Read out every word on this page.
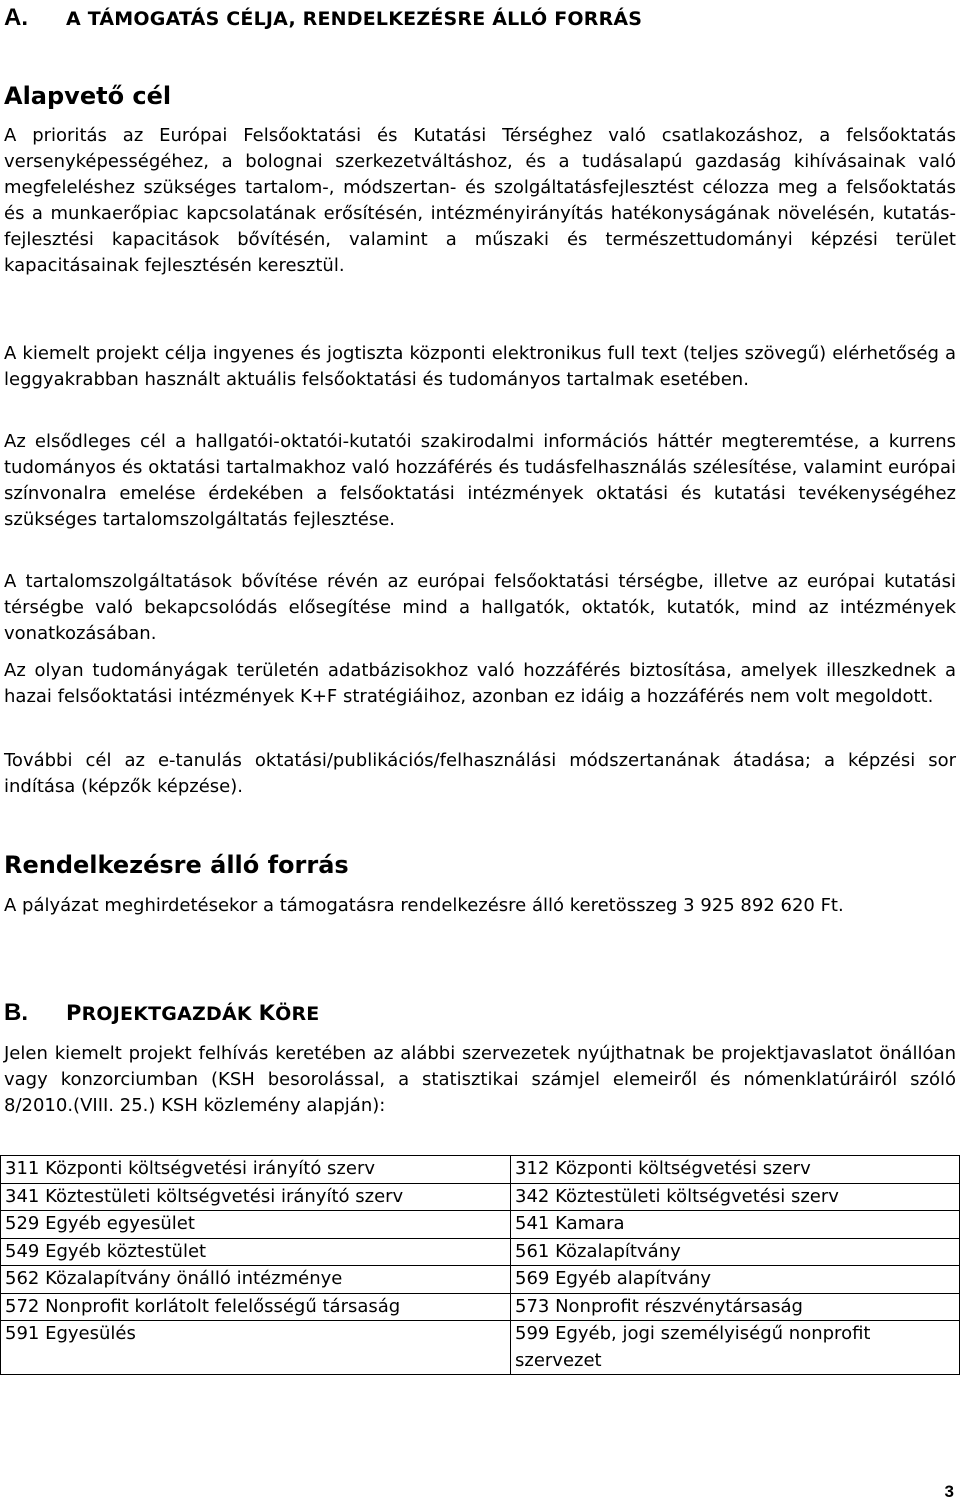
A. A TÁMOGATÁS CÉLJA, RENDELKEZÉSRE ÁLLÓ FORRÁS
Alapvető cél

A prioritás az Európai Felsőoktatási és Kutatási Térséghez való csatlakozáshoz, a felsőoktatás versenyképességéhez, a bolognai szerkezetváltáshoz, és a tudásalapú gazdaság kihívásainak való megfeleléshez szükséges tartalom-, módszertan- és szolgáltatásfejlesztést célozza meg a felsőoktatás és a munkaerőpiac kapcsolatának erősítésén, intézményirányítás hatékonyságának növelésén, kutatás-fejlesztési kapacitások bővítésén, valamint a műszaki és természettudományi képzési terület kapacitásainak fejlesztésén keresztül.

A kiemelt projekt célja ingyenes és jogtiszta központi elektronikus full text (teljes szövegű) elérhetőség a leggyakrabban használt aktuális felsőoktatási és tudományos tartalmak esetében.

Az elsődleges cél a hallgatói-oktatói-kutatói szakirodalmi információs háttér megteremtése, a kurrens tudományos és oktatási tartalmakhoz való hozzáférés és tudásfelhasználás szélesítése, valamint európai színvonalra emelése érdekében a felsőoktatási intézmények oktatási és kutatási tevékenységéhez szükséges tartalomszolgáltatás fejlesztése.

A tartalomszolgáltatások bővítése révén az európai felsőoktatási térségbe, illetve az európai kutatási térségbe való bekapcsolódás elősegítése mind a hallgatók, oktatók, kutatók, mind az intézmények vonatkozásában.

Az olyan tudományágak területén adatbázisokhoz való hozzáférés biztosítása, amelyek illeszkednek a hazai felsőoktatási intézmények K+F stratégiáihoz, azonban ez idáig a hozzáférés nem volt megoldott.

További cél az e-tanulás oktatási/publikációs/felhasználási módszertanának átadása; a képzési sor indítása (képzők képzése).

Rendelkezésre álló forrás

A pályázat meghirdetésekor a támogatásra rendelkezésre álló keretösszeg 3 925 892 620 Ft.

B. PROJEKTGAZDÁK KÖRE

Jelen kiemelt projekt felhívás keretében az alábbi szervezetek nyújthatnak be projektjavaslatot önállóan vagy konzorciumban (KSH besorolással, a statisztikai számjel elemeiről és nómenklatúráiról szóló 8/2010.(VIII. 25.) KSH közlemény alapján):

311 Központi költségvetési irányító szerv	312 Központi költségvetési szerv
341 Köztestületi költségvetési irányító szerv	342 Köztestületi költségvetési szerv
529 Egyéb egyesület	541 Kamara
549 Egyéb köztestület	561 Közalapítvány
562 Közalapítvány önálló intézménye	569 Egyéb alapítvány
572 Nonprofit korlátolt felelősségű társaság	573 Nonprofit részvénytársaság
591 Egyesülés	599 Egyéb, jogi személyiségű nonprofit szervezet
3
